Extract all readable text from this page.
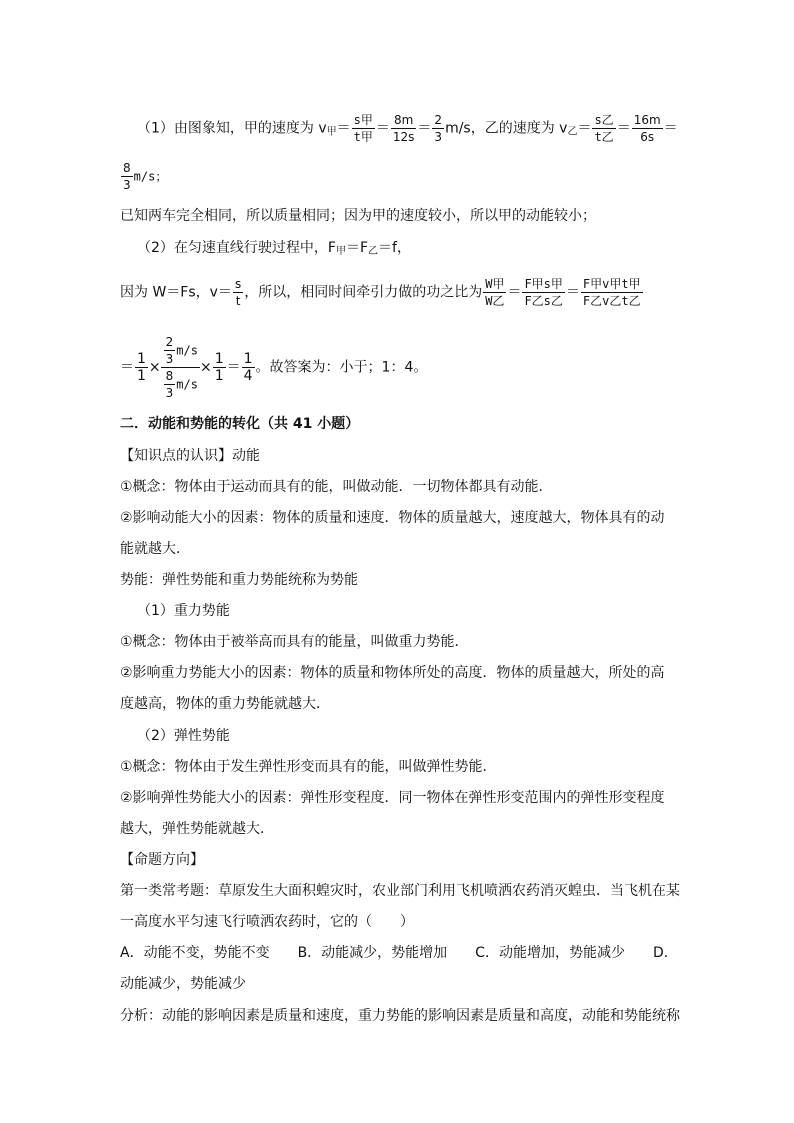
（1）由图象知，甲的速度为 $v_甲= \frac{\text{s甲}}{\text{t甲}} = \frac{8m}{12s} = \frac{2}{3} m/s$，乙的速度为 $v_乙= \frac{\text{s乙}}{\text{t乙}} = \frac{16m}{6s}$ ＝
$\frac{8}{3} m/s$；
已知两车完全相同，所以质量相同；因为甲的速度较小，所以甲的动能较小；
（2）在匀速直线行驶过程中，$F_甲=F_乙=f$，
因为 W＝Fs，$v= \frac{s}{t}$ ，所以，相同时间牵引力做的功之比为 $\frac{\text{W甲}}{\text{W乙}} = \frac{\text{F甲s甲}}{\text{F乙s乙}} = \frac{\text{F甲v甲t甲}}{\text{F乙v乙t乙}}$
＝ $\frac{1}{1} \times \frac{\frac{2}{3} m/s}{\frac{8}{3} m/s} \times \frac{1}{1} = \frac{1}{4}$ 。故答案为：小于；1：4。
二．动能和势能的转化（共 41 小题）
【知识点的认识】动能
①概念：物体由于运动而具有的能，叫做动能．一切物体都具有动能．
②影响动能大小的因素：物体的质量和速度．物体的质量越大，速度越大，物体具有的动
能就越大．
势能：弹性势能和重力势能统称为势能
（1）重力势能
①概念：物体由于被举高而具有的能量，叫做重力势能．
②影响重力势能大小的因素：物体的质量和物体所处的高度．物体的质量越大，所处的高
度越高，物体的重力势能就越大．
（2）弹性势能
①概念：物体由于发生弹性形变而具有的能，叫做弹性势能．
②影响弹性势能大小的因素：弹性形变程度．同一物体在弹性形变范围内的弹性形变程度
越大，弹性势能就越大．
【命题方向】
第一类常考题：草原发生大面积蝗灾时，农业部门利用飞机喷洒农药消灭蝗虫．当飞机在某
一高度水平匀速飞行喷洒农药时，它的（　　）
A．动能不变，势能不变　　B．动能减少，势能增加　　C．动能增加，势能减少　　D．
动能减少，势能减少
分析：动能的影响因素是质量和速度，重力势能的影响因素是质量和高度，动能和势能统称
